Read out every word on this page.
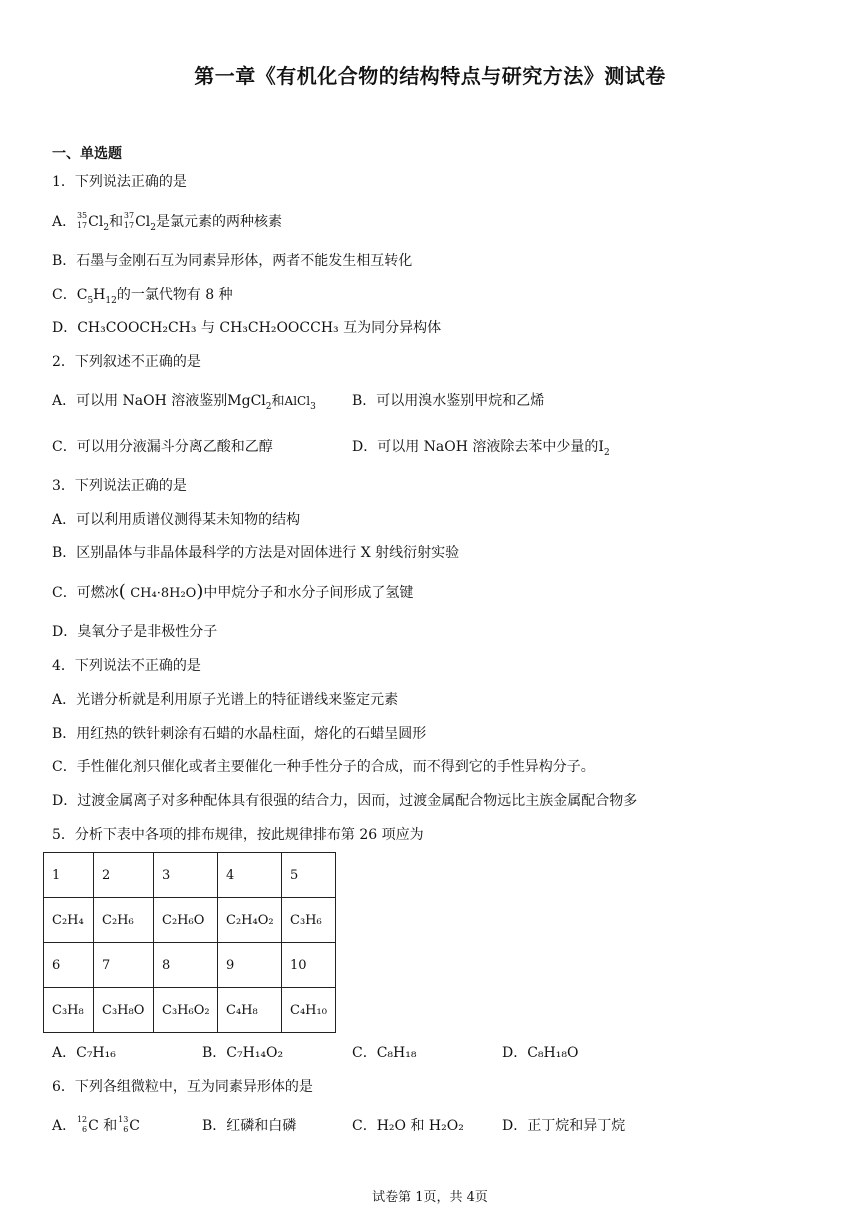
第一章《有机化合物的结构特点与研究方法》测试卷
一、单选题
1．下列说法正确的是
A． 35
17 $Cl_2$和 37
17 $Cl_2$是氯元素的两种核素
B．石墨与金刚石互为同素异形体，两者不能发生相互转化
C．$C_5H_{12}$的一氯代物有 8 种
D．CH₃COOCH₂CH₃ 与 CH₃CH₂OOCCH₃ 互为同分异构体
2．下列叙述不正确的是
A．可以用 NaOH 溶液鉴别MgCl$_2$和AlCl$_3$	B．可以用溴水鉴别甲烷和乙烯
C．可以用分液漏斗分离乙酸和乙醇	D．可以用 NaOH 溶液除去苯中少量的$I_2$
3．下列说法正确的是
A．可以利用质谱仪测得某未知物的结构
B．区别晶体与非晶体最科学的方法是对固体进行 X 射线衍射实验
C．可燃冰( CH₄·8H₂O)中甲烷分子和水分子间形成了氢键
D．臭氧分子是非极性分子
4．下列说法不正确的是
A．光谱分析就是利用原子光谱上的特征谱线来鉴定元素
B．用红热的铁针刺涂有石蜡的水晶柱面，熔化的石蜡呈圆形
C．手性催化剂只催化或者主要催化一种手性分子的合成，而不得到它的手性异构分子。
D．过渡金属离子对多种配体具有很强的结合力，因而，过渡金属配合物远比主族金属配合物多
5．分析下表中各项的排布规律，按此规律排布第 26 项应为
1	2	3	4	5
C₂H₄	C₂H₆	C₂H₆O	C₂H₄O₂	C₃H₆
6	7	8	9	10
C₃H₈	C₃H₈O	C₃H₆O₂	C₄H₈	C₄H₁₀
A．C₇H₁₆	B．C₇H₁₄O₂	C．C₈H₁₈	D．C₈H₁₈O
6．下列各组微粒中，互为同素异形体的是
A． 12
6 C 和 13
6 C	B．红磷和白磷	C．H₂O 和 H₂O₂	D．正丁烷和异丁烷
试卷第 1页，共 4页
